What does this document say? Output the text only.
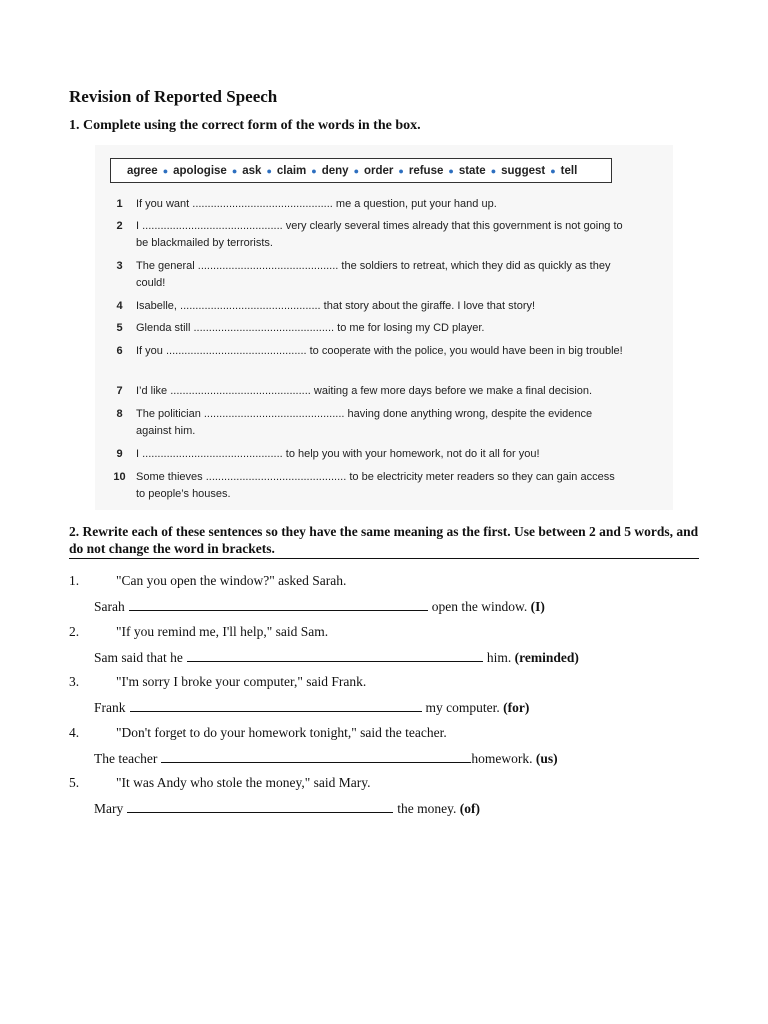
Revision of Reported Speech
1. Complete using the correct form of the words in the box.
agree ● apologise ● ask ● claim ● deny ● order ● refuse ● state ● suggest ● tell
1	If you want .............................................. me a question, put your hand up.
2	I .............................................. very clearly several times already that this government is not going to be blackmailed by terrorists.
3	The general .............................................. the soldiers to retreat, which they did as quickly as they could!
4	Isabelle, .............................................. that story about the giraffe. I love that story!
5	Glenda still .............................................. to me for losing my CD player.
6	If you .............................................. to cooperate with the police, you would have been in big trouble!
7	I’d like .............................................. waiting a few more days before we make a final decision.
8	The politician .............................................. having done anything wrong, despite the evidence against him.
9	I .............................................. to help you with your homework, not do it all for you!
10 Some thieves .............................................. to be electricity meter readers so they can gain access to people’s houses.
2. Rewrite each of these sentences so they have the same meaning as the first. Use between 2 and 5 words, and do not change the word in brackets.
1.	"Can you open the window?" asked Sarah.
Sarah	open the window. (I)
2.	"If you remind me, I'll help," said Sam.
Sam said that he	him. (reminded)
3.	"I'm sorry I broke your computer," said Frank.
Frank	my computer. (for)
4.	"Don't forget to do your homework tonight," said the teacher.
The teacher	homework. (us)
5.	"It was Andy who stole the money," said Mary.
Mary	the money. (of)
